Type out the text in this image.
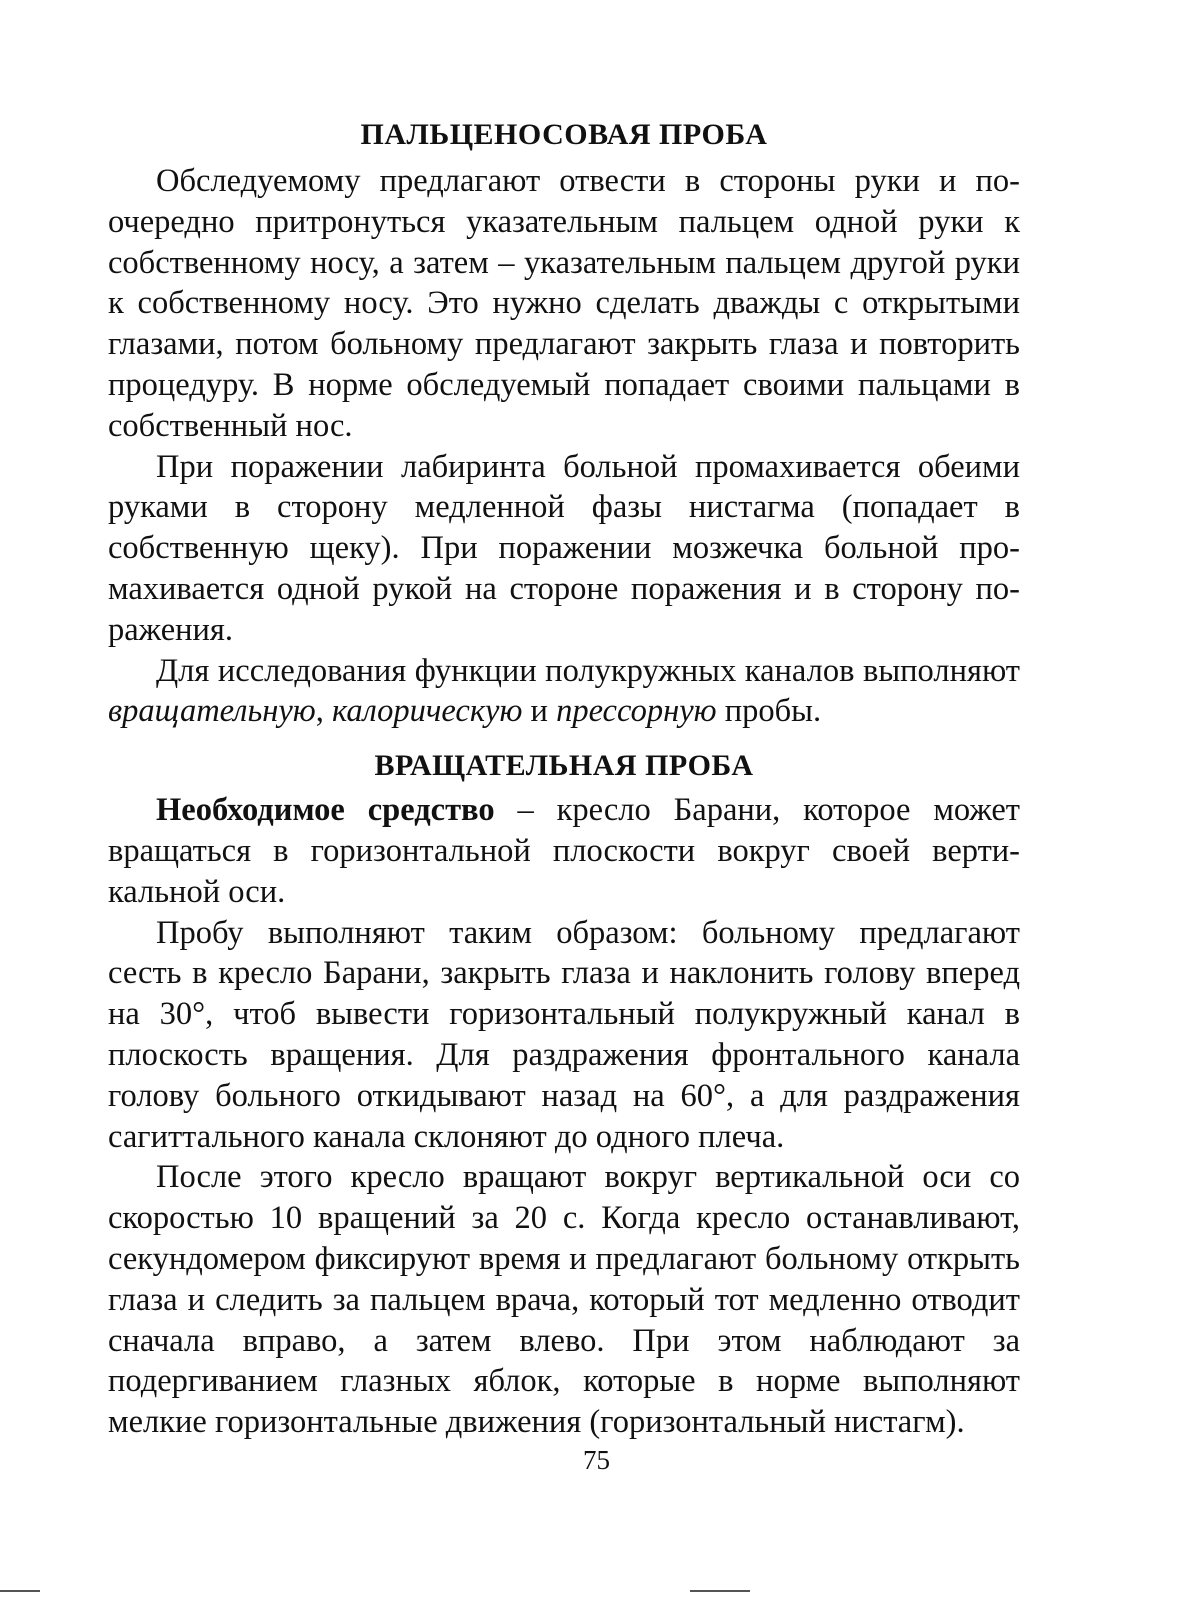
ПАЛЬЦЕНОСОВАЯ ПРОБА

Обследуемому предлагают отвести в стороны руки и поочередно притронуться указательным пальцем одной руки к собственному носу, а затем – указательным пальцем другой руки к собственному носу. Это нужно сделать дважды с открытыми глазами, потом больному предлагают закрыть глаза и повторить процедуру. В норме обследуемый попадает своими пальцами в собственный нос.

При поражении лабиринта больной промахивается обеими руками в сторону медленной фазы нистагма (попадает в собственную щеку). При поражении мозжечка больной промахивается одной рукой на стороне поражения и в сторону поражения.

Для исследования функции полукружных каналов выполняют вращательную, калорическую и прессорную пробы.

ВРАЩАТЕЛЬНАЯ ПРОБА

Необходимое средство – кресло Барани, которое может вращаться в горизонтальной плоскости вокруг своей вертикальной оси.

Пробу выполняют таким образом: больному предлагают сесть в кресло Барани, закрыть глаза и наклонить голову вперед на 30°, чтоб вывести горизонтальный полукружный канал в плоскость вращения. Для раздражения фронтального канала голову больного откидывают назад на 60°, а для раздражения сагиттального канала склоняют до одного плеча.

После этого кресло вращают вокруг вертикальной оси со скоростью 10 вращений за 20 с. Когда кресло останавливают, секундомером фиксируют время и предлагают больному открыть глаза и следить за пальцем врача, который тот медленно отводит сначала вправо, а затем влево. При этом наблюдают за подергиванием глазных яблок, которые в норме выполняют мелкие горизонтальные движения (горизонтальный нистагм).

75
